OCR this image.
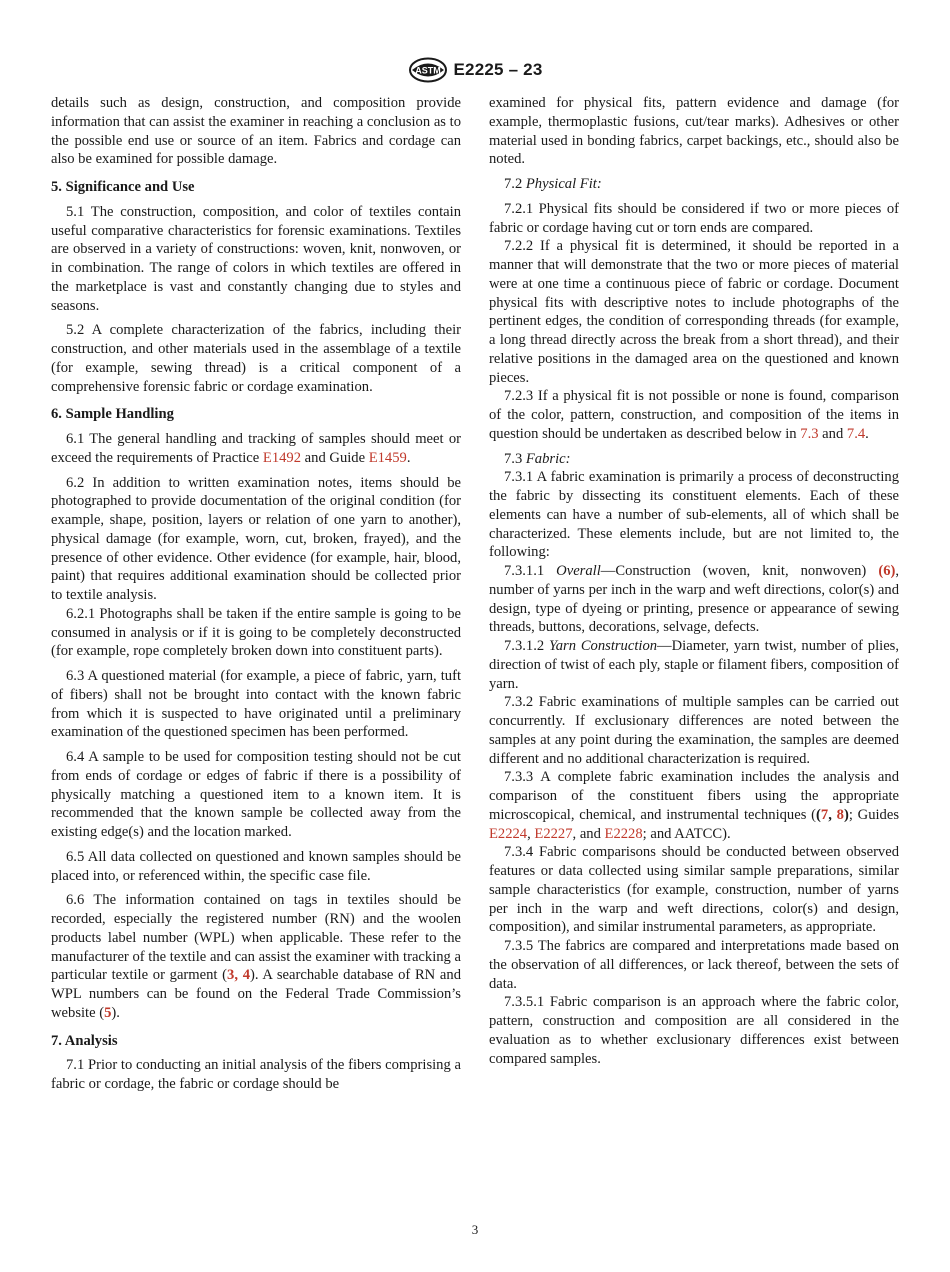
ASTM E2225 – 23

details such as design, construction, and composition provide information that can assist the examiner in reaching a conclusion as to the possible end use or source of an item. Fabrics and cordage can also be examined for possible damage.

5. Significance and Use

5.1 The construction, composition, and color of textiles contain useful comparative characteristics for forensic examinations. Textiles are observed in a variety of constructions: woven, knit, nonwoven, or in combination. The range of colors in which textiles are offered in the marketplace is vast and constantly changing due to styles and seasons.

5.2 A complete characterization of the fabrics, including their construction, and other materials used in the assemblage of a textile (for example, sewing thread) is a critical component of a comprehensive forensic fabric or cordage examination.

6. Sample Handling

6.1 The general handling and tracking of samples should meet or exceed the requirements of Practice E1492 and Guide E1459.

6.2 In addition to written examination notes, items should be photographed to provide documentation of the original condition (for example, shape, position, layers or relation of one yarn to another), physical damage (for example, worn, cut, broken, frayed), and the presence of other evidence. Other evidence (for example, hair, blood, paint) that requires additional examination should be collected prior to textile analysis.

6.2.1 Photographs shall be taken if the entire sample is going to be consumed in analysis or if it is going to be completely deconstructed (for example, rope completely broken down into constituent parts).

6.3 A questioned material (for example, a piece of fabric, yarn, tuft of fibers) shall not be brought into contact with the known fabric from which it is suspected to have originated until a preliminary examination of the questioned specimen has been performed.

6.4 A sample to be used for composition testing should not be cut from ends of cordage or edges of fabric if there is a possibility of physically matching a questioned item to a known item. It is recommended that the known sample be collected away from the existing edge(s) and the location marked.

6.5 All data collected on questioned and known samples should be placed into, or referenced within, the specific case file.

6.6 The information contained on tags in textiles should be recorded, especially the registered number (RN) and the woolen products label number (WPL) when applicable. These refer to the manufacturer of the textile and can assist the examiner with tracking a particular textile or garment (3, 4). A searchable database of RN and WPL numbers can be found on the Federal Trade Commission’s website (5).

7. Analysis

7.1 Prior to conducting an initial analysis of the fibers comprising a fabric or cordage, the fabric or cordage should be

examined for physical fits, pattern evidence and damage (for example, thermoplastic fusions, cut/tear marks). Adhesives or other material used in bonding fabrics, carpet backings, etc., should also be noted.

7.2 Physical Fit:

7.2.1 Physical fits should be considered if two or more pieces of fabric or cordage having cut or torn ends are compared.

7.2.2 If a physical fit is determined, it should be reported in a manner that will demonstrate that the two or more pieces of material were at one time a continuous piece of fabric or cordage. Document physical fits with descriptive notes to include photographs of the pertinent edges, the condition of corresponding threads (for example, a long thread directly across the break from a short thread), and their relative positions in the damaged area on the questioned and known pieces.

7.2.3 If a physical fit is not possible or none is found, comparison of the color, pattern, construction, and composition of the items in question should be undertaken as described below in 7.3 and 7.4.

7.3 Fabric:

7.3.1 A fabric examination is primarily a process of deconstructing the fabric by dissecting its constituent elements. Each of these elements can have a number of sub-elements, all of which shall be characterized. These elements include, but are not limited to, the following:

7.3.1.1 Overall—Construction (woven, knit, nonwoven) (6), number of yarns per inch in the warp and weft directions, color(s) and design, type of dyeing or printing, presence or appearance of sewing threads, buttons, decorations, selvage, defects.

7.3.1.2 Yarn Construction—Diameter, yarn twist, number of plies, direction of twist of each ply, staple or filament fibers, composition of yarn.

7.3.2 Fabric examinations of multiple samples can be carried out concurrently. If exclusionary differences are noted between the samples at any point during the examination, the samples are deemed different and no additional characterization is required.

7.3.3 A complete fabric examination includes the analysis and comparison of the constituent fibers using the appropriate microscopical, chemical, and instrumental techniques ((7, 8); Guides E2224, E2227, and E2228; and AATCC).

7.3.4 Fabric comparisons should be conducted between observed features or data collected using similar sample preparations, similar sample characteristics (for example, construction, number of yarns per inch in the warp and weft directions, color(s) and design, composition), and similar instrumental parameters, as appropriate.

7.3.5 The fabrics are compared and interpretations made based on the observation of all differences, or lack thereof, between the sets of data.

7.3.5.1 Fabric comparison is an approach where the fabric color, pattern, construction and composition are all considered in the evaluation as to whether exclusionary differences exist between compared samples.

3
